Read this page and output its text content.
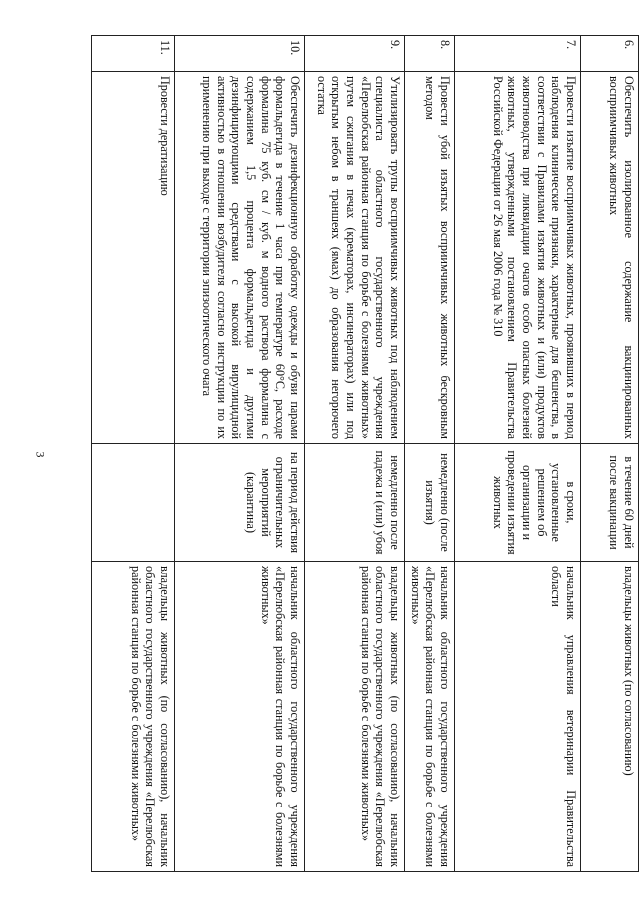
3
6.	Обеспечить изолированное содержание вакцинированных восприимчивых животных	в течение 60 дней после вакцинации	владельцы животных (по согласованию)
7.	Провести изъятие восприимчивых животных, проявивших в период наблюдения клинические признаки, характерные для бешенства, в соответствии с Правилами изъятия животных и (или) продуктов животноводства при ликвидации очагов особо опасных болезней животных, утвержденными постановлением Правительства Российской Федерации от 26 мая 2006 года № 310	в сроки, установленные решением об организации и проведении изъятия животных	начальник управления ветеринарии Правительства области
8.	Провести убой изъятых восприимчивых животных бескровным методом	немедленно (после изъятия)	начальник областного государственного учреждения «Перелюбская районная станция по борьбе с болезнями животных»
9.	Утилизировать трупы восприимчивых животных под наблюдением специалиста областного государственного учреждения «Перелюбская районная станция по борьбе с болезнями животных» путем сжигания в печах (крематорах, инсинераторах) или под открытым небом в траншеях (ямах) до образования негорючего остатка	немедленно после падежа и (или) убоя	владельцы животных (по согласованию), начальник областного государственного учреждения «Перелюбская районная станция по борьбе с болезнями животных»
10.	Обеспечить дезинфекционную обработку одежды и обуви парами формальдегида в течение 1 часа при температуре 60°С, расходе формалина 75 куб. см / куб. м водного раствора формалина с содержанием 1,5 процента формальдегида и другими дезинфицирующими средствами с высокой вирулицидной активностью в отношении возбудителя согласно инструкции по их применению при выходе с территории эпизоотического очага	на период действия ограничительных мероприятий (карантина)	начальник областного государственного учреждения «Перелюбская районная станция по борьбе с болезнями животных»
11.	Провести дератизацию		владельцы животных (по согласованию), начальник областного государственного учреждения «Перелюбская районная станция по борьбе с болезнями животных»
